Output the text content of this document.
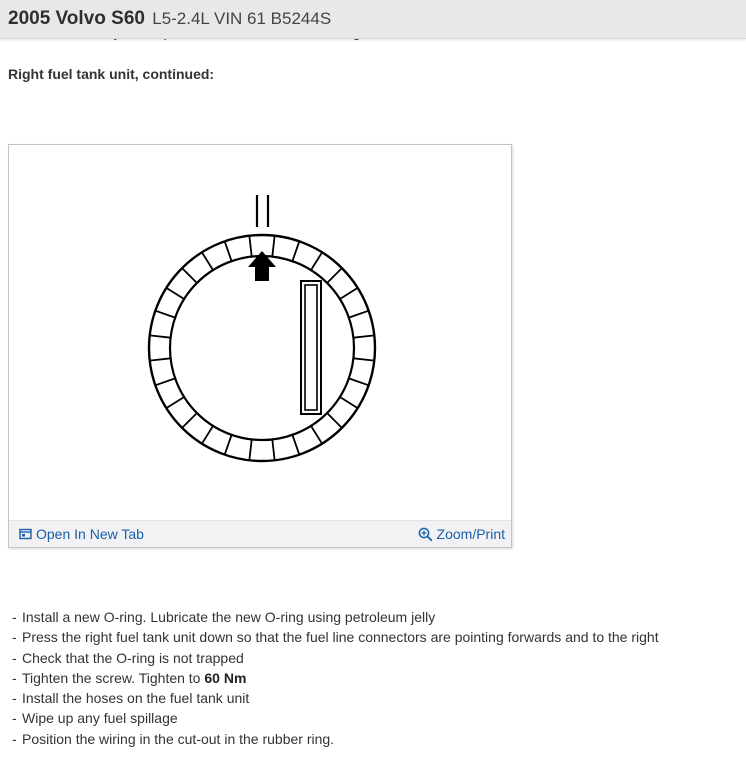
2005 Volvo S60 L5-2.4L VIN 61 B5244S
Right fuel tank unit, continued:
Open In New Tab	Zoom/Print
- Install a new O-ring. Lubricate the new O-ring using petroleum jelly
- Press the right fuel tank unit down so that the fuel line connectors are pointing forwards and to the right
- Check that the O-ring is not trapped
- Tighten the screw. Tighten to 60 Nm
- Install the hoses on the fuel tank unit
- Wipe up any fuel spillage
- Position the wiring in the cut-out in the rubber ring.
